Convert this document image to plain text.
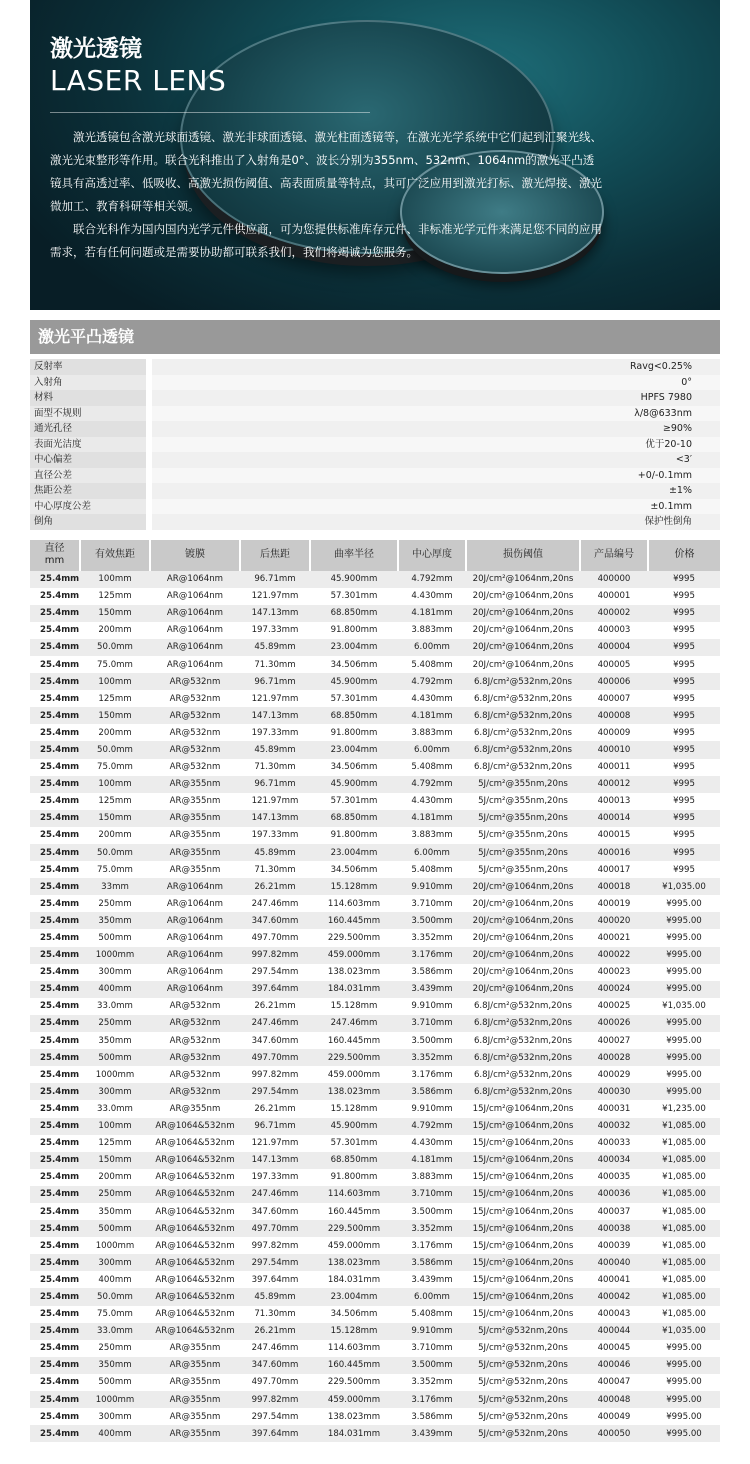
激光透镜
LASER LENS

激光透镜包含激光球面透镜、激光非球面透镜、激光柱面透镜等，在激光光学系统中它们起到汇聚光线、激光光束整形等作用。联合光科推出了入射角是0°、波长分别为355nm、532nm、1064nm的激光平凸透镜具有高透过率、低吸收、高激光损伤阈值、高表面质量等特点，其可广泛应用到激光打标、激光焊接、激光微加工、教育科研等相关领。

联合光科作为国内国内光学元件供应商，可为您提供标准库存元件、非标准光学元件来满足您不同的应用需求，若有任何问题或是需要协助都可联系我们，我们将竭诚为您服务。

激光平凸透镜
反射率	Ravg<0.25%
入射角	0°
材料	HPFS 7980
面型不规则	λ/8@633nm
通光孔径	≥90%
表面光洁度	优于20-10
中心偏差	<3′
直径公差	+0/-0.1mm
焦距公差	±1%
中心厚度公差	±0.1mm
倒角	保护性倒角
直径
mm	有效焦距	镀膜	后焦距	曲率半径	中心厚度	损伤阈值	产品编号	价格
25.4mm	100mm	AR@1064nm	96.71mm	45.900mm	4.792mm	20J/cm²@1064nm,20ns	400000	¥995
25.4mm	125mm	AR@1064nm	121.97mm	57.301mm	4.430mm	20J/cm²@1064nm,20ns	400001	¥995
25.4mm	150mm	AR@1064nm	147.13mm	68.850mm	4.181mm	20J/cm²@1064nm,20ns	400002	¥995
25.4mm	200mm	AR@1064nm	197.33mm	91.800mm	3.883mm	20J/cm²@1064nm,20ns	400003	¥995
25.4mm	50.0mm	AR@1064nm	45.89mm	23.004mm	6.00mm	20J/cm²@1064nm,20ns	400004	¥995
25.4mm	75.0mm	AR@1064nm	71.30mm	34.506mm	5.408mm	20J/cm²@1064nm,20ns	400005	¥995
25.4mm	100mm	AR@532nm	96.71mm	45.900mm	4.792mm	6.8J/cm²@532nm,20ns	400006	¥995
25.4mm	125mm	AR@532nm	121.97mm	57.301mm	4.430mm	6.8J/cm²@532nm,20ns	400007	¥995
25.4mm	150mm	AR@532nm	147.13mm	68.850mm	4.181mm	6.8J/cm²@532nm,20ns	400008	¥995
25.4mm	200mm	AR@532nm	197.33mm	91.800mm	3.883mm	6.8J/cm²@532nm,20ns	400009	¥995
25.4mm	50.0mm	AR@532nm	45.89mm	23.004mm	6.00mm	6.8J/cm²@532nm,20ns	400010	¥995
25.4mm	75.0mm	AR@532nm	71.30mm	34.506mm	5.408mm	6.8J/cm²@532nm,20ns	400011	¥995
25.4mm	100mm	AR@355nm	96.71mm	45.900mm	4.792mm	5J/cm²@355nm,20ns	400012	¥995
25.4mm	125mm	AR@355nm	121.97mm	57.301mm	4.430mm	5J/cm²@355nm,20ns	400013	¥995
25.4mm	150mm	AR@355nm	147.13mm	68.850mm	4.181mm	5J/cm²@355nm,20ns	400014	¥995
25.4mm	200mm	AR@355nm	197.33mm	91.800mm	3.883mm	5J/cm²@355nm,20ns	400015	¥995
25.4mm	50.0mm	AR@355nm	45.89mm	23.004mm	6.00mm	5J/cm²@355nm,20ns	400016	¥995
25.4mm	75.0mm	AR@355nm	71.30mm	34.506mm	5.408mm	5J/cm²@355nm,20ns	400017	¥995
25.4mm	33mm	AR@1064nm	26.21mm	15.128mm	9.910mm	20J/cm²@1064nm,20ns	400018	¥1,035.00
25.4mm	250mm	AR@1064nm	247.46mm	114.603mm	3.710mm	20J/cm²@1064nm,20ns	400019	¥995.00
25.4mm	350mm	AR@1064nm	347.60mm	160.445mm	3.500mm	20J/cm²@1064nm,20ns	400020	¥995.00
25.4mm	500mm	AR@1064nm	497.70mm	229.500mm	3.352mm	20J/cm²@1064nm,20ns	400021	¥995.00
25.4mm	1000mm	AR@1064nm	997.82mm	459.000mm	3.176mm	20J/cm²@1064nm,20ns	400022	¥995.00
25.4mm	300mm	AR@1064nm	297.54mm	138.023mm	3.586mm	20J/cm²@1064nm,20ns	400023	¥995.00
25.4mm	400mm	AR@1064nm	397.64mm	184.031mm	3.439mm	20J/cm²@1064nm,20ns	400024	¥995.00
25.4mm	33.0mm	AR@532nm	26.21mm	15.128mm	9.910mm	6.8J/cm²@532nm,20ns	400025	¥1,035.00
25.4mm	250mm	AR@532nm	247.46mm	247.46mm	3.710mm	6.8J/cm²@532nm,20ns	400026	¥995.00
25.4mm	350mm	AR@532nm	347.60mm	160.445mm	3.500mm	6.8J/cm²@532nm,20ns	400027	¥995.00
25.4mm	500mm	AR@532nm	497.70mm	229.500mm	3.352mm	6.8J/cm²@532nm,20ns	400028	¥995.00
25.4mm	1000mm	AR@532nm	997.82mm	459.000mm	3.176mm	6.8J/cm²@532nm,20ns	400029	¥995.00
25.4mm	300mm	AR@532nm	297.54mm	138.023mm	3.586mm	6.8J/cm²@532nm,20ns	400030	¥995.00
25.4mm	33.0mm	AR@355nm	26.21mm	15.128mm	9.910mm	15J/cm²@1064nm,20ns	400031	¥1,235.00
25.4mm	100mm	AR@1064&532nm	96.71mm	45.900mm	4.792mm	15J/cm²@1064nm,20ns	400032	¥1,085.00
25.4mm	125mm	AR@1064&532nm	121.97mm	57.301mm	4.430mm	15J/cm²@1064nm,20ns	400033	¥1,085.00
25.4mm	150mm	AR@1064&532nm	147.13mm	68.850mm	4.181mm	15J/cm²@1064nm,20ns	400034	¥1,085.00
25.4mm	200mm	AR@1064&532nm	197.33mm	91.800mm	3.883mm	15J/cm²@1064nm,20ns	400035	¥1,085.00
25.4mm	250mm	AR@1064&532nm	247.46mm	114.603mm	3.710mm	15J/cm²@1064nm,20ns	400036	¥1,085.00
25.4mm	350mm	AR@1064&532nm	347.60mm	160.445mm	3.500mm	15J/cm²@1064nm,20ns	400037	¥1,085.00
25.4mm	500mm	AR@1064&532nm	497.70mm	229.500mm	3.352mm	15J/cm²@1064nm,20ns	400038	¥1,085.00
25.4mm	1000mm	AR@1064&532nm	997.82mm	459.000mm	3.176mm	15J/cm²@1064nm,20ns	400039	¥1,085.00
25.4mm	300mm	AR@1064&532nm	297.54mm	138.023mm	3.586mm	15J/cm²@1064nm,20ns	400040	¥1,085.00
25.4mm	400mm	AR@1064&532nm	397.64mm	184.031mm	3.439mm	15J/cm²@1064nm,20ns	400041	¥1,085.00
25.4mm	50.0mm	AR@1064&532nm	45.89mm	23.004mm	6.00mm	15J/cm²@1064nm,20ns	400042	¥1,085.00
25.4mm	75.0mm	AR@1064&532nm	71.30mm	34.506mm	5.408mm	15J/cm²@1064nm,20ns	400043	¥1,085.00
25.4mm	33.0mm	AR@1064&532nm	26.21mm	15.128mm	9.910mm	5J/cm²@532nm,20ns	400044	¥1,035.00
25.4mm	250mm	AR@355nm	247.46mm	114.603mm	3.710mm	5J/cm²@532nm,20ns	400045	¥995.00
25.4mm	350mm	AR@355nm	347.60mm	160.445mm	3.500mm	5J/cm²@532nm,20ns	400046	¥995.00
25.4mm	500mm	AR@355nm	497.70mm	229.500mm	3.352mm	5J/cm²@532nm,20ns	400047	¥995.00
25.4mm	1000mm	AR@355nm	997.82mm	459.000mm	3.176mm	5J/cm²@532nm,20ns	400048	¥995.00
25.4mm	300mm	AR@355nm	297.54mm	138.023mm	3.586mm	5J/cm²@532nm,20ns	400049	¥995.00
25.4mm	400mm	AR@355nm	397.64mm	184.031mm	3.439mm	5J/cm²@532nm,20ns	400050	¥995.00
